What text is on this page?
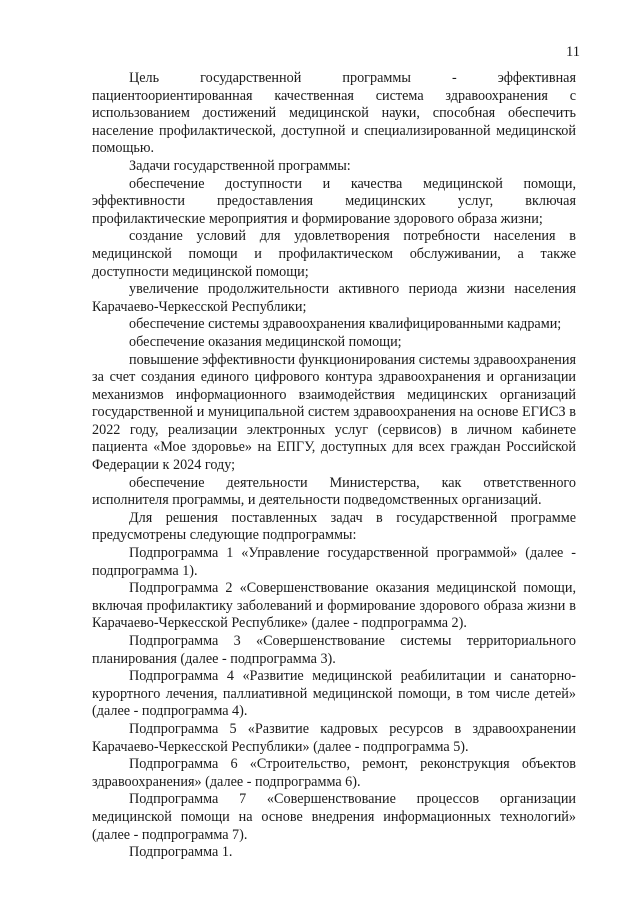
11

Цель государственной программы - эффективная пациентоориентированная качественная система здравоохранения с использованием достижений медицинской науки, способная обеспечить население профилактической, доступной и специализированной медицинской помощью.

Задачи государственной программы:

обеспечение доступности и качества медицинской помощи, эффективности предоставления медицинских услуг, включая профилактические мероприятия и формирование здорового образа жизни;

создание условий для удовлетворения потребности населения в медицинской помощи и профилактическом обслуживании, а также доступности медицинской помощи;

увеличение продолжительности активного периода жизни населения Карачаево-Черкесской Республики;

обеспечение системы здравоохранения квалифицированными кадрами;

обеспечение оказания медицинской помощи;

повышение эффективности функционирования системы здравоохранения за счет создания единого цифрового контура здравоохранения и организации механизмов информационного взаимодействия медицинских организаций государственной и муниципальной систем здравоохранения на основе ЕГИСЗ в 2022 году, реализации электронных услуг (сервисов) в личном кабинете пациента «Мое здоровье» на ЕПГУ, доступных для всех граждан Российской Федерации к 2024 году;

обеспечение деятельности Министерства, как ответственного исполнителя программы, и деятельности подведомственных организаций.

Для решения поставленных задач в государственной программе предусмотрены следующие подпрограммы:

Подпрограмма 1 «Управление государственной программой» (далее - подпрограмма 1).

Подпрограмма 2 «Совершенствование оказания медицинской помощи, включая профилактику заболеваний и формирование здорового образа жизни в Карачаево-Черкесской Республике» (далее - подпрограмма 2).

Подпрограмма 3 «Совершенствование системы территориального планирования (далее - подпрограмма 3).

Подпрограмма 4 «Развитие медицинской реабилитации и санаторно-курортного лечения, паллиативной медицинской помощи, в том числе детей» (далее - подпрограмма 4).

Подпрограмма 5 «Развитие кадровых ресурсов в здравоохранении Карачаево-Черкесской Республики» (далее - подпрограмма 5).

Подпрограмма 6 «Строительство, ремонт, реконструкция объектов здравоохранения» (далее - подпрограмма 6).

Подпрограмма 7 «Совершенствование процессов организации медицинской помощи на основе внедрения информационных технологий» (далее - подпрограмма 7).

Подпрограмма 1.
